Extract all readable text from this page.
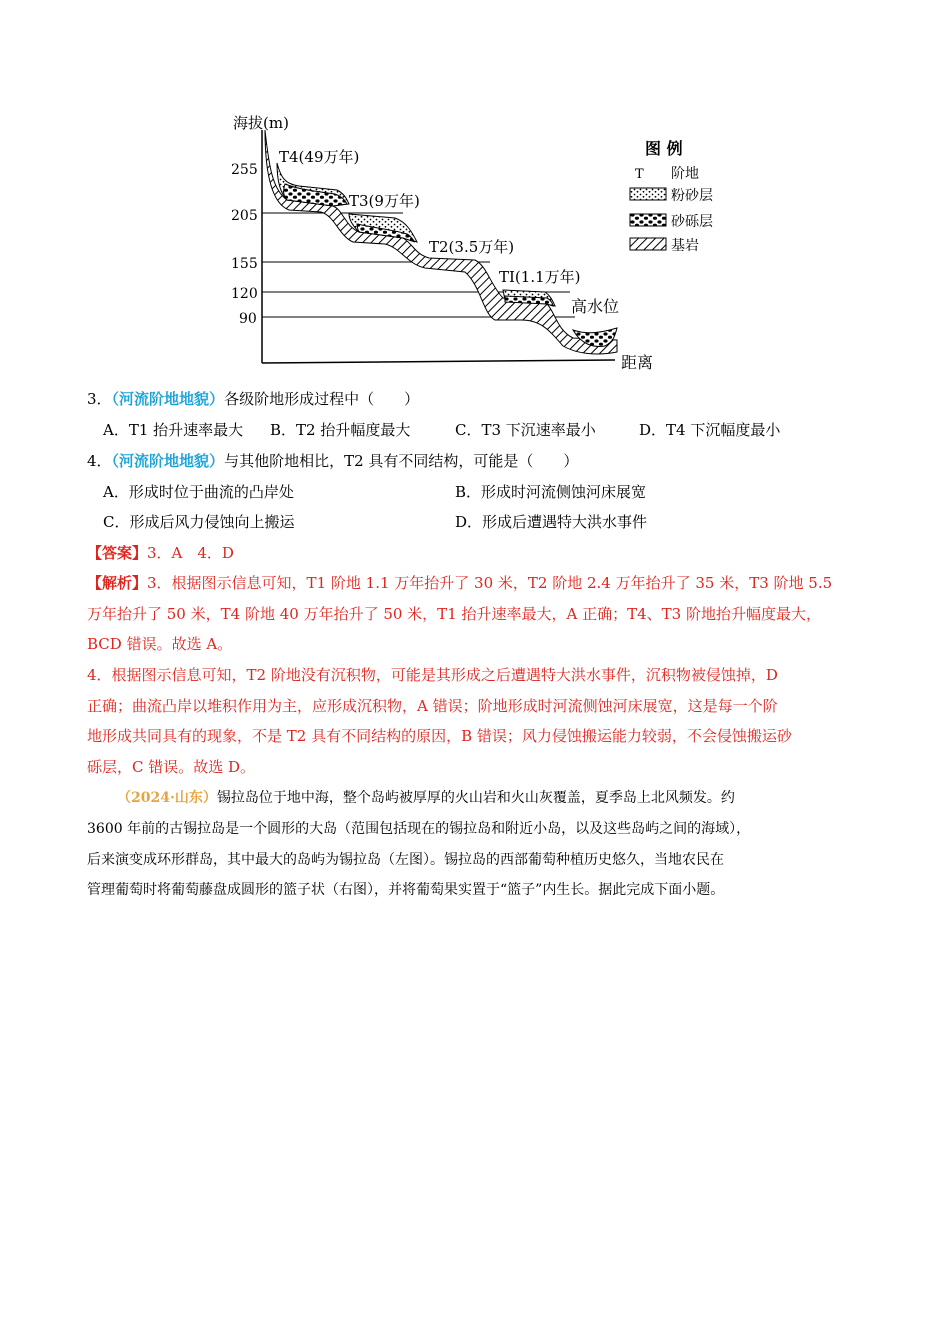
海拔(m)
255
205
155
120
90
距离
T4(49万年)
T3(9万年)
T2(3.5万年)
TI(1.1万年)
高水位
图 例
T 阶地
粉砂层
砂砾层
基岩
3．（河流阶地地貌）各级阶地形成过程中（　　）
A．T1 抬升速率最大 B．T2 抬升幅度最大	C．T3 下沉速率最小	D．T4 下沉幅度最小
4．（河流阶地地貌）与其他阶地相比，T2 具有不同结构，可能是（　　）
A．形成时位于曲流的凸岸处	B．形成时河流侧蚀河床展宽
C．形成后风力侵蚀向上搬运	D．形成后遭遇特大洪水事件
【答案】3．A　4．D
【解析】3．根据图示信息可知，T1 阶地 1.1 万年抬升了 30 米，T2 阶地 2.4 万年抬升了 35 米，T3 阶地 5.5
万年抬升了 50 米，T4 阶地 40 万年抬升了 50 米，T1 抬升速率最大，A 正确；T4、T3 阶地抬升幅度最大，
BCD 错误。故选 A。
4．根据图示信息可知，T2 阶地没有沉积物，可能是其形成之后遭遇特大洪水事件，沉积物被侵蚀掉，D
正确；曲流凸岸以堆积作用为主，应形成沉积物，A 错误；阶地形成时河流侧蚀河床展宽，这是每一个阶
地形成共同具有的现象，不是 T2 具有不同结构的原因，B 错误；风力侵蚀搬运能力较弱，不会侵蚀搬运砂
砾层，C 错误。故选 D。
（2024·山东）锡拉岛位于地中海，整个岛屿被厚厚的火山岩和火山灰覆盖，夏季岛上北风频发。约
3600 年前的古锡拉岛是一个圆形的大岛（范围包括现在的锡拉岛和附近小岛，以及这些岛屿之间的海域），
后来演变成环形群岛，其中最大的岛屿为锡拉岛（左图）。锡拉岛的西部葡萄种植历史悠久，当地农民在
管理葡萄时将葡萄藤盘成圆形的篮子状（右图），并将葡萄果实置于“篮子”内生长。据此完成下面小题。
